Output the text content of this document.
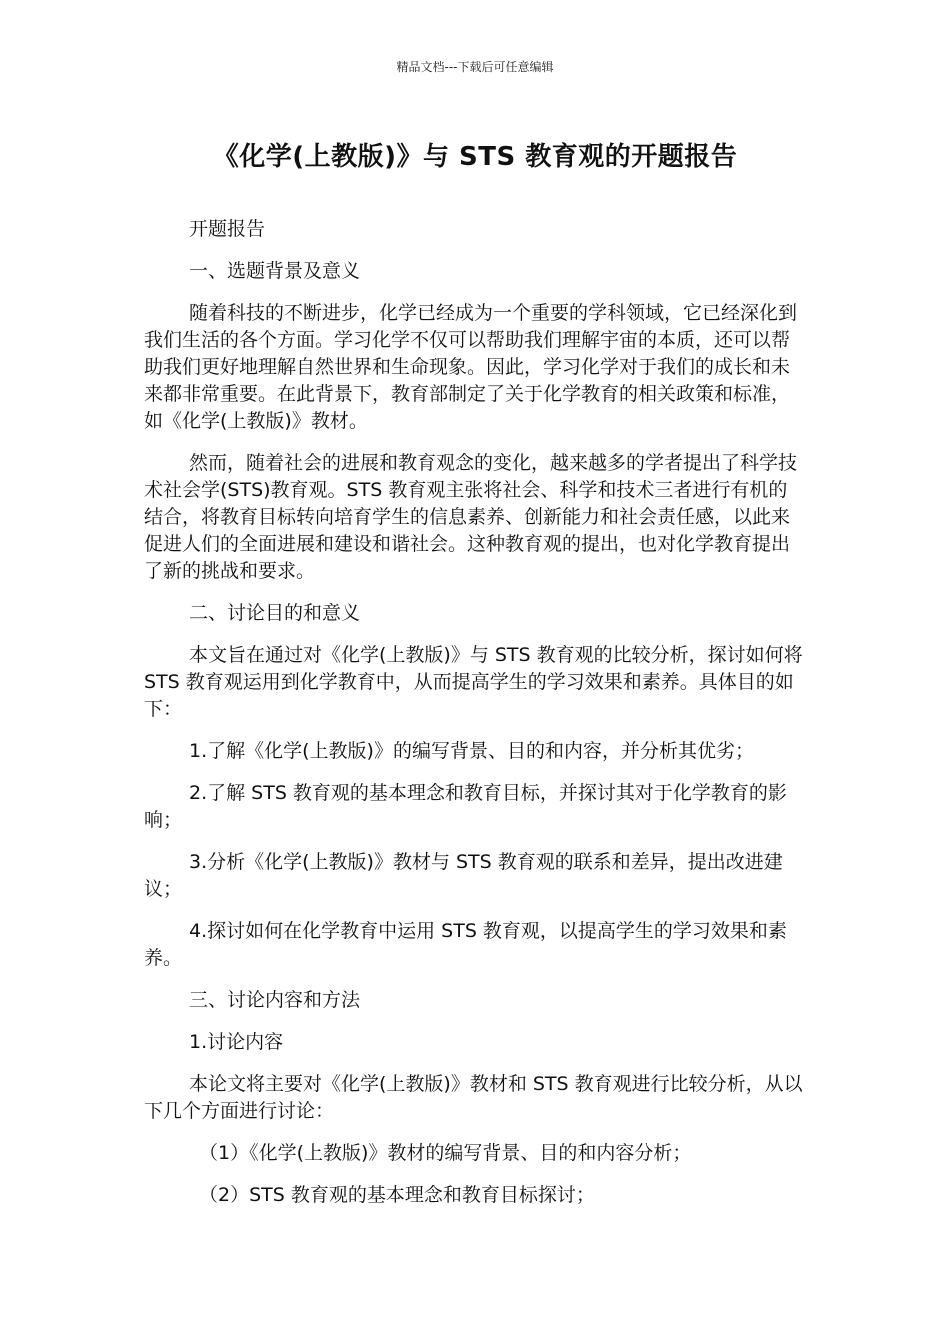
精品文档---下载后可任意编辑
《化学(上教版)》与 STS 教育观的开题报告

开题报告

一、选题背景及意义

随着科技的不断进步，化学已经成为一个重要的学科领域，它已经深化到我们生活的各个方面。学习化学不仅可以帮助我们理解宇宙的本质，还可以帮助我们更好地理解自然世界和生命现象。因此，学习化学对于我们的成长和未来都非常重要。在此背景下，教育部制定了关于化学教育的相关政策和标准，如《化学(上教版)》教材。

然而，随着社会的进展和教育观念的变化，越来越多的学者提出了科学技术社会学(STS)教育观。STS 教育观主张将社会、科学和技术三者进行有机的结合，将教育目标转向培育学生的信息素养、创新能力和社会责任感，以此来促进人们的全面进展和建设和谐社会。这种教育观的提出，也对化学教育提出了新的挑战和要求。

二、讨论目的和意义

本文旨在通过对《化学(上教版)》与 STS 教育观的比较分析，探讨如何将 STS 教育观运用到化学教育中，从而提高学生的学习效果和素养。具体目的如下：

1.了解《化学(上教版)》的编写背景、目的和内容，并分析其优劣；

2.了解 STS 教育观的基本理念和教育目标，并探讨其对于化学教育的影响；

3.分析《化学(上教版)》教材与 STS 教育观的联系和差异，提出改进建议；

4.探讨如何在化学教育中运用 STS 教育观，以提高学生的学习效果和素养。

三、讨论内容和方法

1.讨论内容

本论文将主要对《化学(上教版)》教材和 STS 教育观进行比较分析，从以下几个方面进行讨论：

（1）《化学(上教版)》教材的编写背景、目的和内容分析；

（2）STS 教育观的基本理念和教育目标探讨；
